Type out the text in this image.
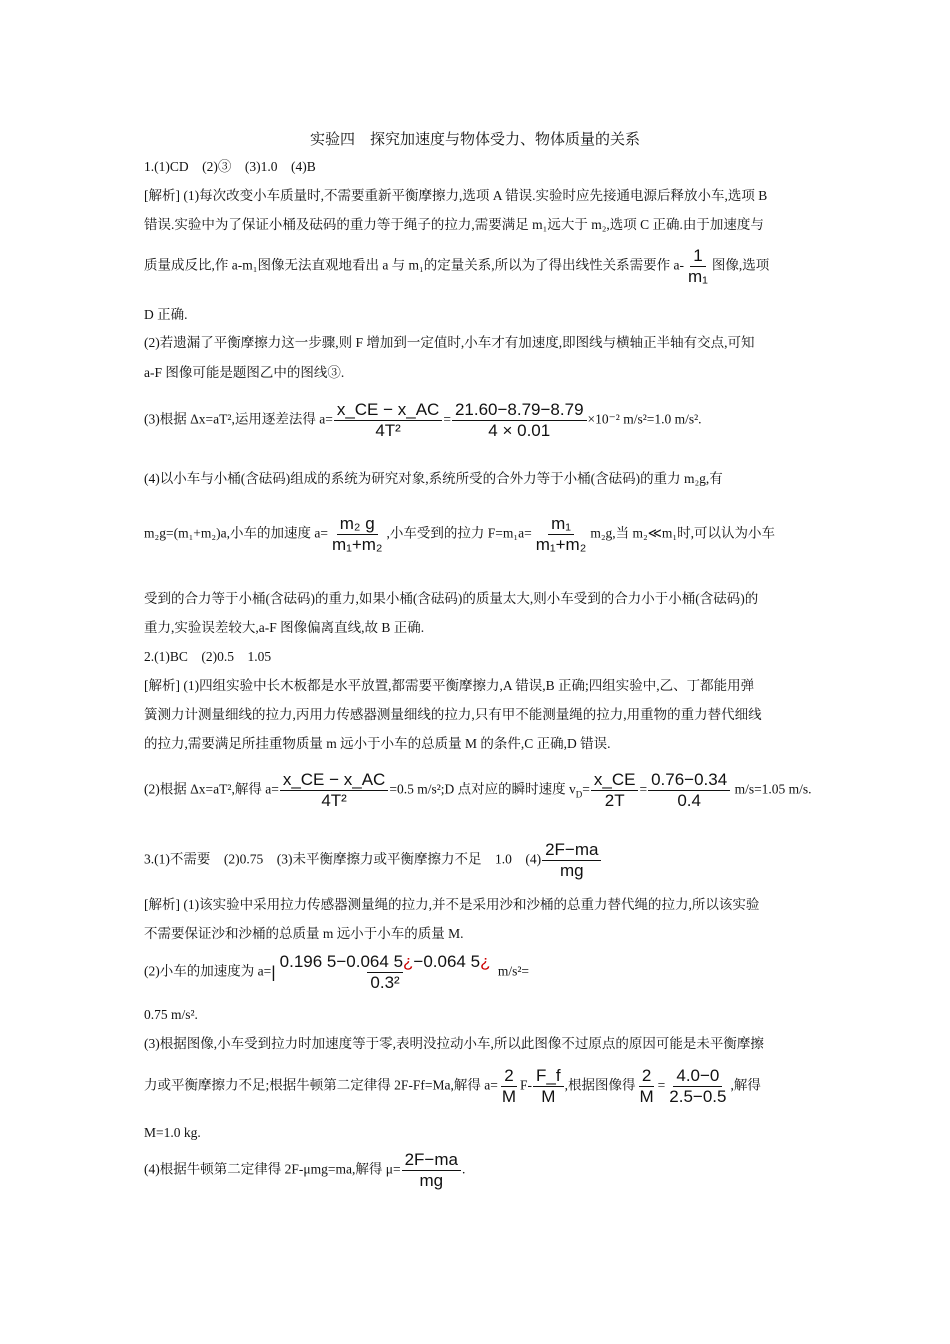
实验四　探究加速度与物体受力、物体质量的关系
1.(1)CD　(2)③　(3)1.0　(4)B
[解析] (1)每次改变小车质量时,不需要重新平衡摩擦力,选项 A 错误.实验时应先接通电源后释放小车,选项 B
错误.实验中为了保证小桶及砝码的重力等于绳子的拉力,需要满足 m₁远大于 m₂,选项 C 正确.由于加速度与
质量成反比,作 a-m₁图像无法直观地看出 a 与 m₁的定量关系,所以为了得出线性关系需要作 $a- \frac{1}{\text{m₁}}$ 图像,选项
D 正确.
(2)若遗漏了平衡摩擦力这一步骤,则 F 增加到一定值时,小车才有加速度,即图线与横轴正半轴有交点,可知
a-F 图像可能是题图乙中的图线③.
(3)根据 Δx=aT²,运用逐差法得 $a= \frac{x\_CE - x\_AC}{\text{4T²}} = \frac{21.60-8.79-8.79}{4 \times 0.01} \times 10^{-2}$ m/s²=1.0 m/s².
(4)以小车与小桶(含砝码)组成的系统为研究对象,系统所受的合外力等于小桶(含砝码)的重力 m₂g,有
m₂g=(m₁+m₂)a,小车的加速度 $a= \frac{\text{m₂ g}}{\text{m₁+m₂}}$ ,小车受到的拉力 $F=m_1a= \frac{\text{m₁}}{\text{m₁+m₂}} m_2g$,当 m₂≪m₁时,可以认为小车
受到的合力等于小桶(含砝码)的重力,如果小桶(含砝码)的质量太大,则小车受到的合力小于小桶(含砝码)的
重力,实验误差较大,a-F 图像偏离直线,故 B 正确.
2.(1)BC　(2)0.5　1.05
[解析] (1)四组实验中长木板都是水平放置,都需要平衡摩擦力,A 错误,B 正确;四组实验中,乙、丁都能用弹
簧测力计测量细线的拉力,丙用力传感器测量细线的拉力,只有甲不能测量绳的拉力,用重物的重力替代细线
的拉力,需要满足所挂重物质量 m 远小于小车的总质量 M 的条件,C 正确,D 错误.
(2)根据 Δx=aT²,解得 $a= \frac{x\_CE - x\_AC}{\text{4T²}} =0.5$ m/s²;D 点对应的瞬时速度 $v_D= \frac{x\_CE}{2T} = \frac{0.76-0.34}{0.4} m/s=1.05$ m/s.
3.(1)不需要　(2)0.75　(3)未平衡摩擦力或平衡摩擦力不足　1.0　$(4) \frac{2F-ma}{mg}$
[解析] (1)该实验中采用拉力传感器测量绳的拉力,并不是采用沙和沙桶的总重力替代绳的拉力,所以该实验
不需要保证沙和沙桶的总质量 m 远小于小车的质量 M.
(2)小车的加速度为 $a=| \frac{0.196 5-0.064 5¿-0.064 5¿}{\text{0.3²}} m/s^2=$
0.75 m/s².
(3)根据图像,小车受到拉力时加速度等于零,表明没拉动小车,所以此图像不过原点的原因可能是未平衡摩擦
力或平衡摩擦力不足;根据牛顿第二定律得 2F-Ff=Ma,解得 $a= \frac{2}{M} F- \frac{F\_f}{M}$ ,根据图像得 $\frac{2}{M} = \frac{4.0-0}{2.5-0.5}$ ,解得
M=1.0 kg.
(4)根据牛顿第二定律得 2F-μmg=ma,解得 $\mu= \frac{2F-ma}{mg}$ .
